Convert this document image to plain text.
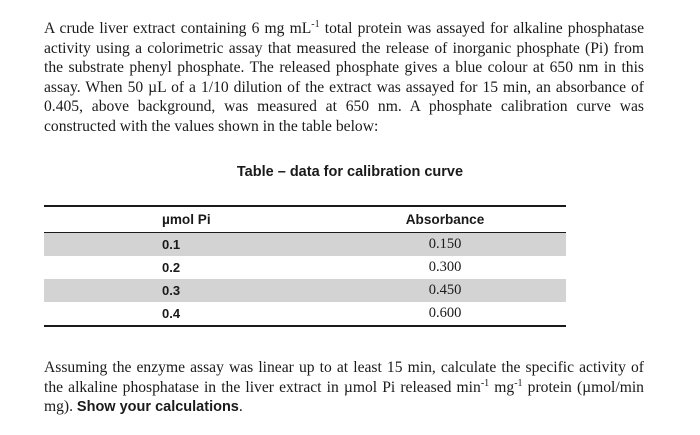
A crude liver extract containing 6 mg $mL^{-1}$ total protein was assayed for alkaline phosphatase activity using a colorimetric assay that measured the release of inorganic phosphate (Pi) from the substrate phenyl phosphate. The released phosphate gives a blue colour at 650 nm in this assay. When 50 µL of a 1/10 dilution of the extract was assayed for 15 min, an absorbance of 0.405, above background, was measured at 650 nm. A phosphate calibration curve was constructed with the values shown in the table below:

Table – data for calibration curve
µmol Pi	Absorbance
0.1	0.150
0.2	0.300
0.3	0.450
0.4	0.600

Assuming the enzyme assay was linear up to at least 15 min, calculate the specific activity of the alkaline phosphatase in the liver extract in µmol Pi released $\min^{-1} mg^{-1}$ protein (µmol/min mg). Show your calculations.
